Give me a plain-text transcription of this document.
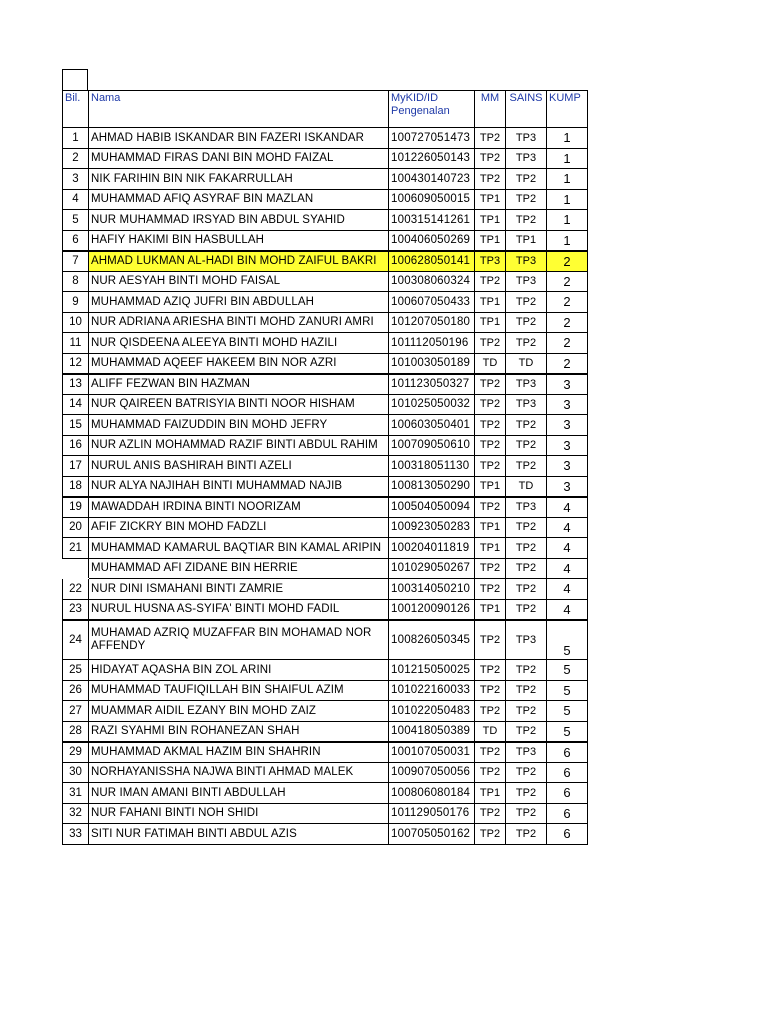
Bil.	Nama	MyKID/ID Pengenalan	MM	SAINS	KUMP
1	AHMAD HABIB ISKANDAR BIN FAZERI ISKANDAR	100727051473	TP2	TP3	1
2	MUHAMMAD FIRAS DANI BIN MOHD FAIZAL	101226050143	TP2	TP3	1
3	NIK FARIHIN BIN NIK FAKARRULLAH	100430140723	TP2	TP2	1
4	MUHAMMAD AFIQ ASYRAF BIN MAZLAN	100609050015	TP1	TP2	1
5	NUR MUHAMMAD IRSYAD BIN ABDUL SYAHID	100315141261	TP1	TP2	1
6	HAFIY HAKIMI BIN HASBULLAH	100406050269	TP1	TP1	1
7	AHMAD LUKMAN AL-HADI BIN MOHD ZAIFUL BAKRI	100628050141	TP3	TP3	2
8	NUR AESYAH BINTI MOHD FAISAL	100308060324	TP2	TP3	2
9	MUHAMMAD AZIQ JUFRI BIN ABDULLAH	100607050433	TP1	TP2	2
10	NUR ADRIANA ARIESHA BINTI MOHD ZANURI AMRI	101207050180	TP1	TP2	2
11	NUR QISDEENA ALEEYA BINTI MOHD HAZILI	101112050196	TP2	TP2	2
12	MUHAMMAD AQEEF HAKEEM BIN NOR AZRI	101003050189	TD	TD	2
13	ALIFF FEZWAN BIN HAZMAN	101123050327	TP2	TP3	3
14	NUR QAIREEN BATRISYIA BINTI NOOR HISHAM	101025050032	TP2	TP3	3
15	MUHAMMAD FAIZUDDIN BIN MOHD JEFRY	100603050401	TP2	TP2	3
16	NUR AZLIN MOHAMMAD RAZIF BINTI ABDUL RAHIM	100709050610	TP2	TP2	3
17	NURUL ANIS BASHIRAH BINTI AZELI	100318051130	TP2	TP2	3
18	NUR ALYA NAJIHAH BINTI MUHAMMAD NAJIB	100813050290	TP1	TD	3
19	MAWADDAH IRDINA BINTI NOORIZAM	100504050094	TP2	TP3	4
20	AFIF ZICKRY BIN MOHD FADZLI	100923050283	TP1	TP2	4
21	MUHAMMAD KAMARUL BAQTIAR BIN KAMAL ARIPIN	100204011819	TP1	TP2	4
	MUHAMMAD AFI ZIDANE BIN HERRIE	101029050267	TP2	TP2	4
22	NUR DINI ISMAHANI BINTI ZAMRIE	100314050210	TP2	TP2	4
23	NURUL HUSNA AS-SYIFA' BINTI MOHD FADIL	100120090126	TP1	TP2	4
24	MUHAMAD AZRIQ MUZAFFAR BIN MOHAMAD NOR AFFENDY	100826050345	TP2	TP3	5
25	HIDAYAT AQASHA BIN ZOL ARINI	101215050025	TP2	TP2	5
26	MUHAMMAD TAUFIQILLAH BIN SHAIFUL AZIM	101022160033	TP2	TP2	5
27	MUAMMAR AIDIL EZANY BIN MOHD ZAIZ	101022050483	TP2	TP2	5
28	RAZI SYAHMI BIN ROHANEZAN SHAH	100418050389	TD	TP2	5
29	MUHAMMAD AKMAL HAZIM BIN SHAHRIN	100107050031	TP2	TP3	6
30	NORHAYANISSHA NAJWA BINTI AHMAD MALEK	100907050056	TP2	TP2	6
31	NUR IMAN AMANI BINTI ABDULLAH	100806080184	TP1	TP2	6
32	NUR FAHANI BINTI NOH SHIDI	101129050176	TP2	TP2	6
33	SITI NUR FATIMAH BINTI ABDUL AZIS	100705050162	TP2	TP2	6
